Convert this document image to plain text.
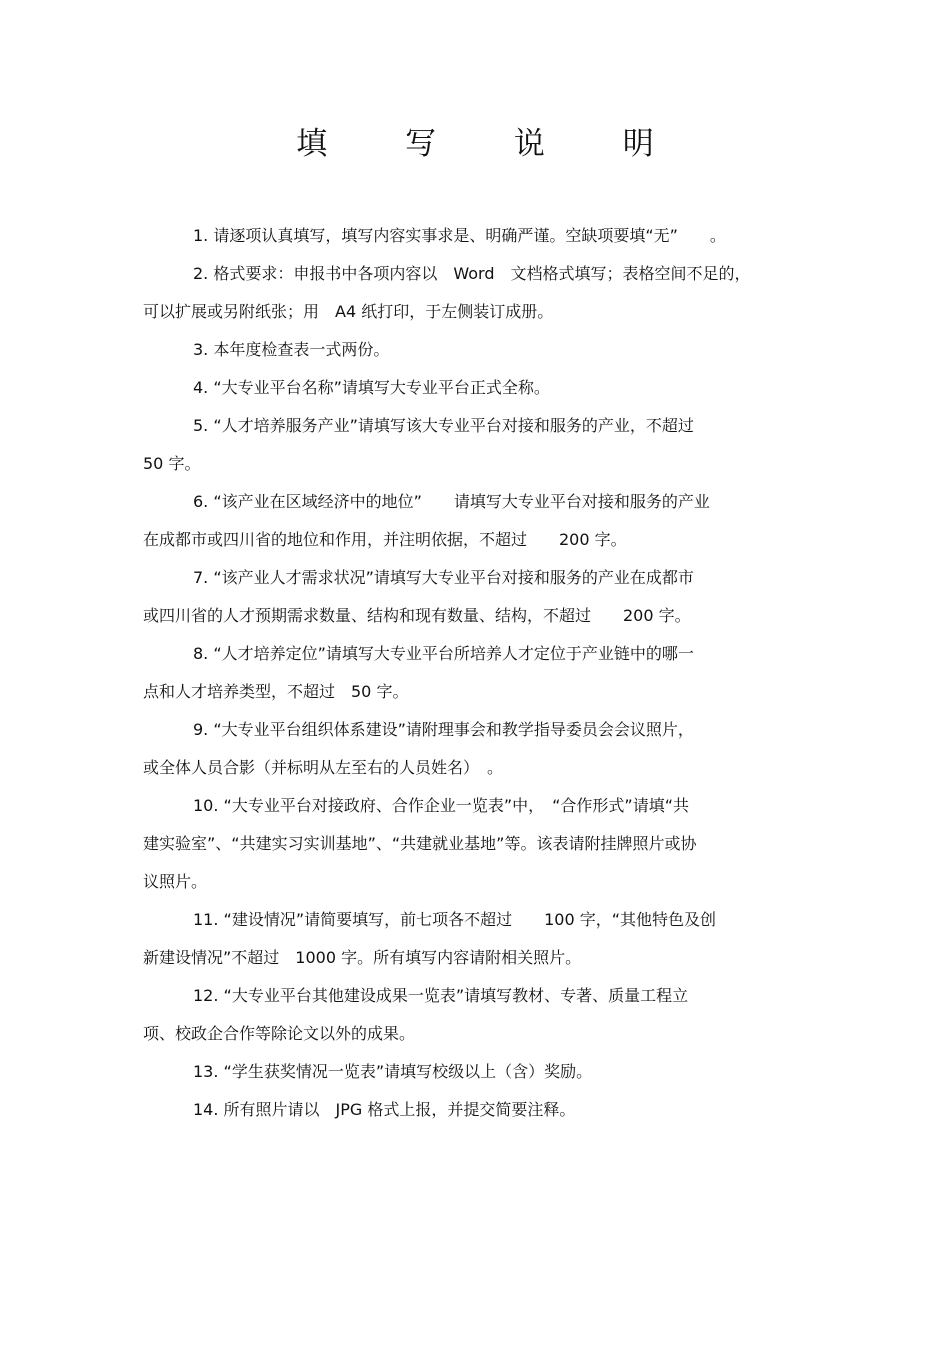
填 写 说 明
1. 请逐项认真填写，填写内容实事求是、明确严谨。空缺项要填“无”　　。
2. 格式要求：申报书中各项内容以　Word　文档格式填写；表格空间不足的，
可以扩展或另附纸张；用　A4 纸打印，于左侧装订成册。
3. 本年度检查表一式两份。
4. “大专业平台名称”请填写大专业平台正式全称。
5. “人才培养服务产业”请填写该大专业平台对接和服务的产业，不超过
50 字。
6. “该产业在区域经济中的地位”　　请填写大专业平台对接和服务的产业
在成都市或四川省的地位和作用，并注明依据，不超过　　200 字。
7. “该产业人才需求状况”请填写大专业平台对接和服务的产业在成都市
或四川省的人才预期需求数量、结构和现有数量、结构，不超过　　200 字。
8. “人才培养定位”请填写大专业平台所培养人才定位于产业链中的哪一
点和人才培养类型，不超过　50 字。
9. “大专业平台组织体系建设”请附理事会和教学指导委员会会议照片，
或全体人员合影（并标明从左至右的人员姓名）　。
10. “大专业平台对接政府、合作企业一览表”中，　“合作形式”请填“共
建实验室”、“共建实习实训基地”、“共建就业基地”等。该表请附挂牌照片或协
议照片。
11. “建设情况”请简要填写，前七项各不超过　　100 字，“其他特色及创
新建设情况”不超过　1000 字。所有填写内容请附相关照片。
12. “大专业平台其他建设成果一览表”请填写教材、专著、质量工程立
项、校政企合作等除论文以外的成果。
13. “学生获奖情况一览表”请填写校级以上（含）奖励。
14. 所有照片请以　JPG 格式上报，并提交简要注释。
